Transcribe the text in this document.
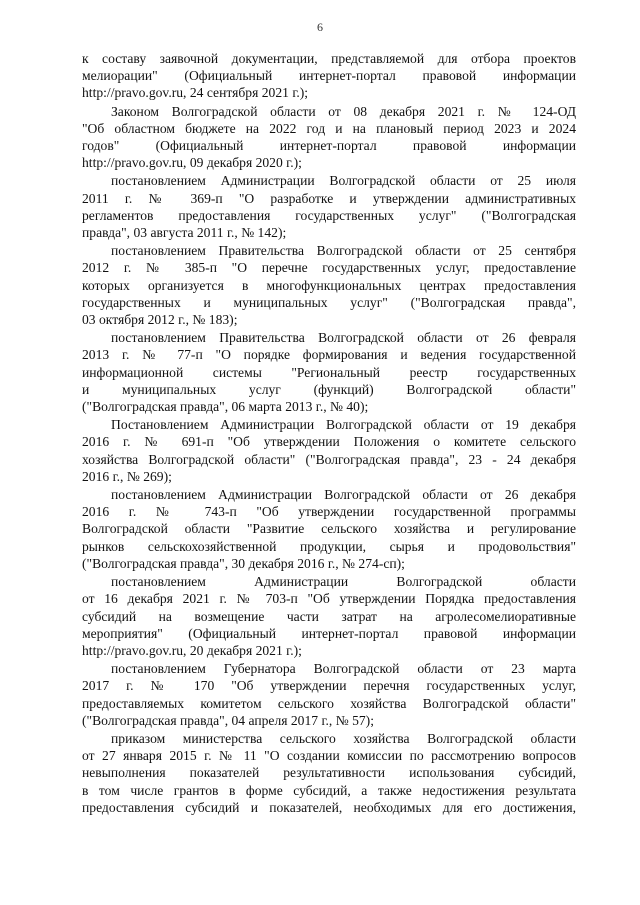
6
к составу заявочной документации, представляемой для отбора проектов
мелиорации" (Официальный интернет-портал правовой информации
http://pravo.gov.ru, 24 сентября 2021 г.);
Законом Волгоградской области от 08 декабря 2021 г. № 124-ОД
"Об областном бюджете на 2022 год и на плановый период 2023 и 2024
годов" (Официальный интернет-портал правовой информации
http://pravo.gov.ru, 09 декабря 2020 г.);
постановлением Администрации Волгоградской области от 25 июля
2011 г. № 369-п "О разработке и утверждении административных
регламентов предоставления государственных услуг" ("Волгоградская
правда", 03 августа 2011 г., № 142);
постановлением Правительства Волгоградской области от 25 сентября
2012 г. № 385-п "О перечне государственных услуг, предоставление
которых организуется в многофункциональных центрах предоставления
государственных и муниципальных услуг" ("Волгоградская правда",
03 октября 2012 г., № 183);
постановлением Правительства Волгоградской области от 26 февраля
2013 г. № 77-п "О порядке формирования и ведения государственной
информационной системы "Региональный реестр государственных
и муниципальных услуг (функций) Волгоградской области"
("Волгоградская правда", 06 марта 2013 г., № 40);
Постановлением Администрации Волгоградской области от 19 декабря
2016 г. № 691-п "Об утверждении Положения о комитете сельского
хозяйства Волгоградской области" ("Волгоградская правда", 23 - 24 декабря
2016 г., № 269);
постановлением Администрации Волгоградской области от 26 декабря
2016 г. № 743-п "Об утверждении государственной программы
Волгоградской области "Развитие сельского хозяйства и регулирование
рынков сельскохозяйственной продукции, сырья и продовольствия"
("Волгоградская правда", 30 декабря 2016 г., № 274-сп);
постановлением Администрации Волгоградской области
от 16 декабря 2021 г. № 703-п "Об утверждении Порядка предоставления
субсидий на возмещение части затрат на агролесомелиоративные
мероприятия" (Официальный интернет-портал правовой информации
http://pravo.gov.ru, 20 декабря 2021 г.);
постановлением Губернатора Волгоградской области от 23 марта
2017 г. № 170 "Об утверждении перечня государственных услуг,
предоставляемых комитетом сельского хозяйства Волгоградской области"
("Волгоградская правда", 04 апреля 2017 г., № 57);
приказом министерства сельского хозяйства Волгоградской области
от 27 января 2015 г. № 11 "О создании комиссии по рассмотрению вопросов
невыполнения показателей результативности использования субсидий,
в том числе грантов в форме субсидий, а также недостижения результата
предоставления субсидий и показателей, необходимых для его достижения,
